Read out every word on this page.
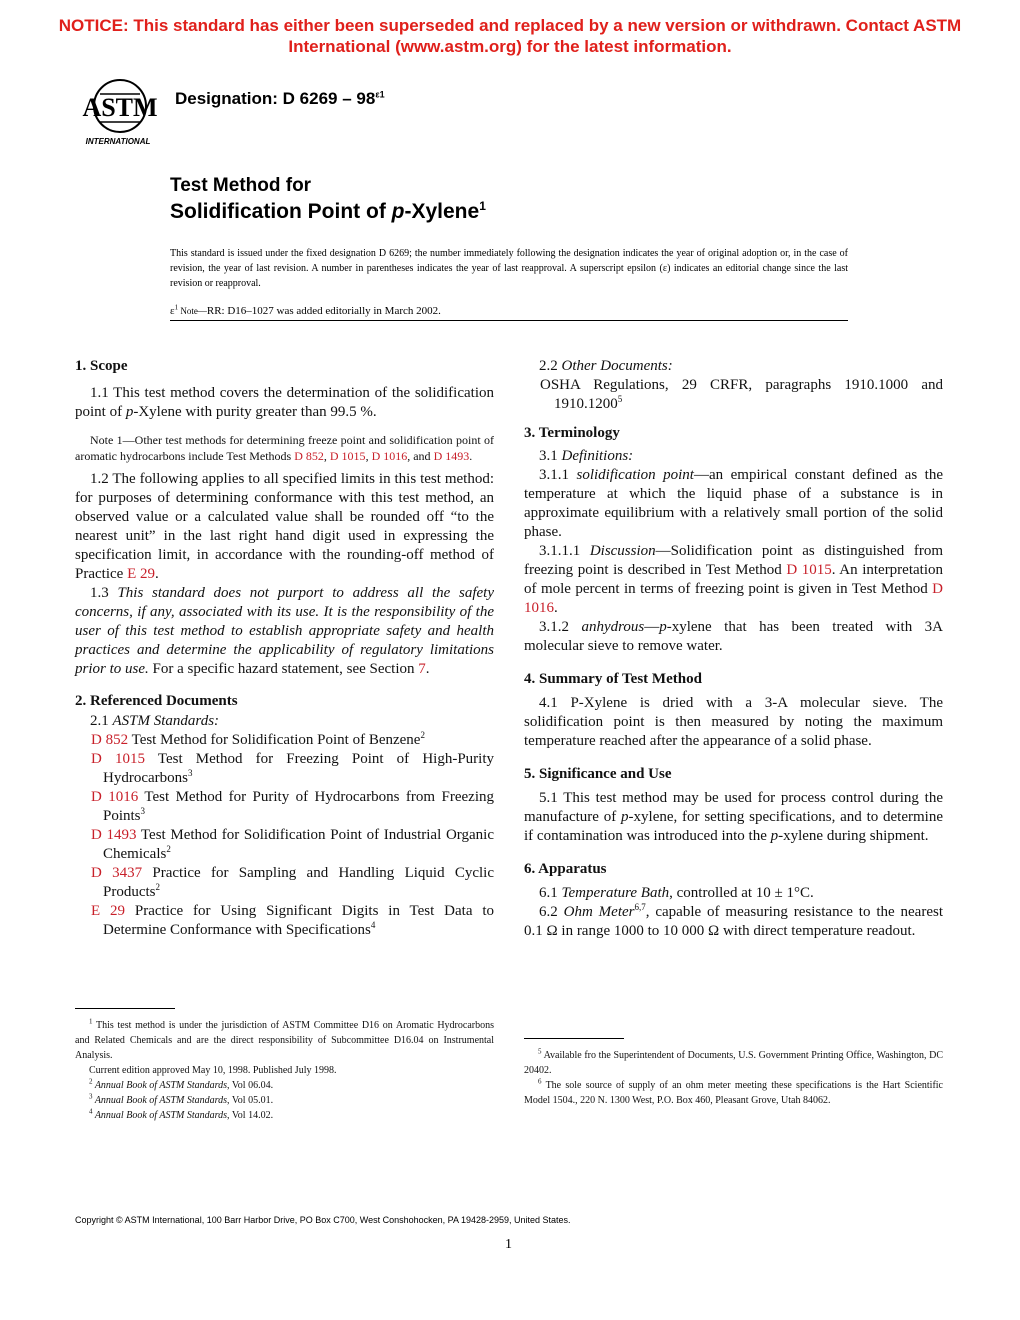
NOTICE: This standard has either been superseded and replaced by a new version or withdrawn. Contact ASTM International (www.astm.org) for the latest information.
ASTM
INTERNATIONAL
Designation: D $6269 - 98^{\varepsilon 1}$
Test Method for
Solidification Point of p-Xylene$^1$
This standard is issued under the fixed designation D 6269; the number immediately following the designation indicates the year of original adoption or, in the case of revision, the year of last revision. A number in parentheses indicates the year of last reapproval. A superscript epsilon (ε) indicates an editorial change since the last revision or reapproval.
$\varepsilon^1$ Note—RR: D16–1027 was added editorially in March 2002.

1. Scope

1.1 This test method covers the determination of the solidification point of p-Xylene with purity greater than 99.5 %.

Note 1—Other test methods for determining freeze point and solidification point of aromatic hydrocarbons include Test Methods D 852, D 1015, D 1016, and D 1493.

1.2 The following applies to all specified limits in this test method: for purposes of determining conformance with this test method, an observed value or a calculated value shall be rounded off “to the nearest unit” in the last right hand digit used in expressing the specification limit, in accordance with the rounding-off method of Practice E 29.

1.3 This standard does not purport to address all the safety concerns, if any, associated with its use. It is the responsibility of the user of this test method to establish appropriate safety and health practices and determine the applicability of regulatory limitations prior to use. For a specific hazard statement, see Section 7.

2. Referenced Documents

2.1 ASTM Standards:

D 852 Test Method for Solidification Point of Benzene$^2$

D 1015 Test Method for Freezing Point of High-Purity Hydrocarbons$^3$

D 1016 Test Method for Purity of Hydrocarbons from Freezing Points$^3$

D 1493 Test Method for Solidification Point of Industrial Organic Chemicals$^2$

D 3437 Practice for Sampling and Handling Liquid Cyclic Products$^2$

E 29 Practice for Using Significant Digits in Test Data to Determine Conformance with Specifications$^4$

2.2 Other Documents:

OSHA Regulations, 29 CRFR, paragraphs 1910.1000 and 1910.1200$^5$

3. Terminology

3.1 Definitions:

3.1.1 solidification point—an empirical constant defined as the temperature at which the liquid phase of a substance is in approximate equilibrium with a relatively small portion of the solid phase.

3.1.1.1 Discussion—Solidification point as distinguished from freezing point is described in Test Method D 1015. An interpretation of mole percent in terms of freezing point is given in Test Method D 1016.

3.1.2 anhydrous—p-xylene that has been treated with 3A molecular sieve to remove water.

4. Summary of Test Method

4.1 P-Xylene is dried with a 3-A molecular sieve. The solidification point is then measured by noting the maximum temperature reached after the appearance of a solid phase.

5. Significance and Use

5.1 This test method may be used for process control during the manufacture of p-xylene, for setting specifications, and to determine if contamination was introduced into the p-xylene during shipment.

6. Apparatus

6.1 Temperature Bath, controlled at 10 ± 1°C.

6.2 Ohm Meter$^{6,7}$, capable of measuring resistance to the nearest 0.1 Ω in range 1000 to 10 000 Ω with direct temperature readout.

$^1$ This test method is under the jurisdiction of ASTM Committee D16 on Aromatic Hydrocarbons and Related Chemicals and are the direct responsibility of Subcommittee D16.04 on Instrumental Analysis.

Current edition approved May 10, 1998. Published July 1998.

$^2$ Annual Book of ASTM Standards, Vol 06.04.

$^3$ Annual Book of ASTM Standards, Vol 05.01.

$^4$ Annual Book of ASTM Standards, Vol 14.02.

$^5$ Available fro the Superintendent of Documents, U.S. Government Printing Office, Washington, DC 20402.

$^6$ The sole source of supply of an ohm meter meeting these specifications is the Hart Scientific Model 1504., 220 N. 1300 West, P.O. Box 460, Pleasant Grove, Utah 84062.

Copyright © ASTM International, 100 Barr Harbor Drive, PO Box C700, West Conshohocken, PA 19428-2959, United States.
1
